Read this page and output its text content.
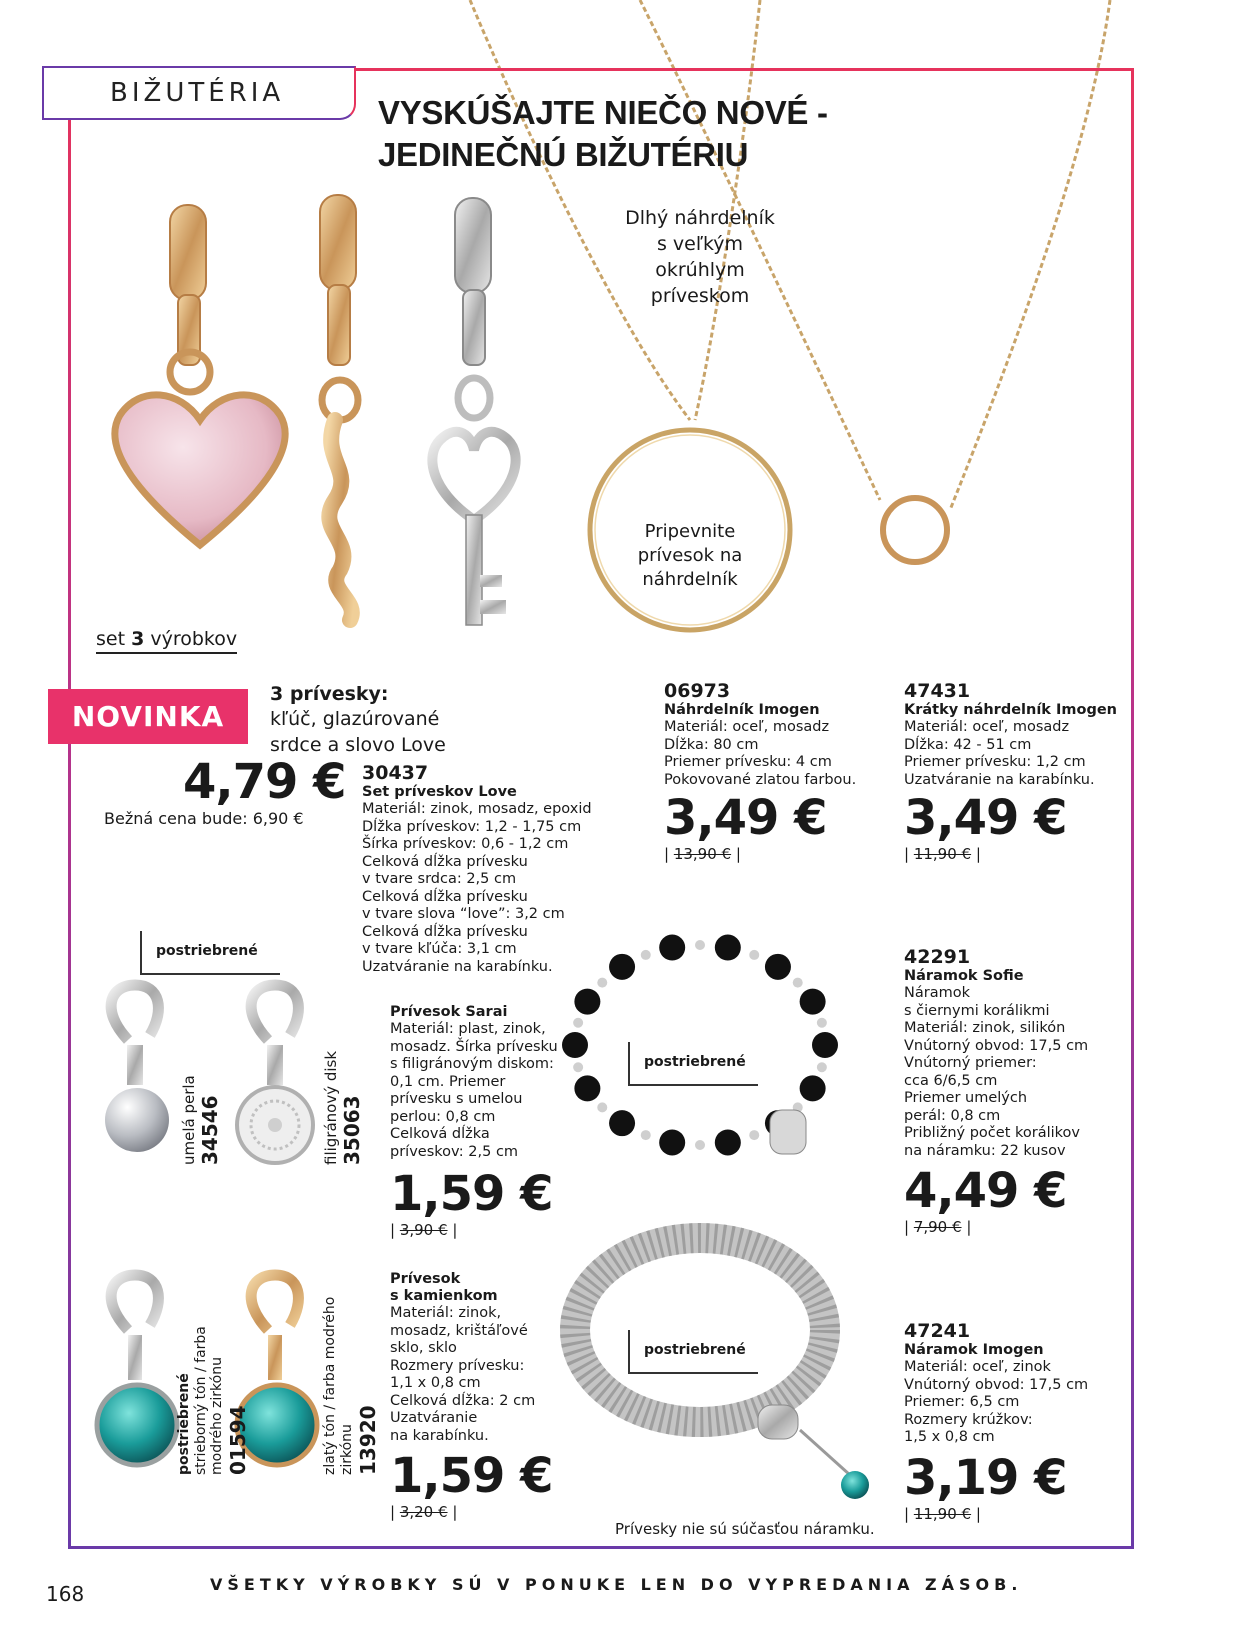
BIŽUTÉRIA
VYSKÚŠAJTE NIEČO NOVÉ -
JEDINEČNÚ BIŽUTÉRIU
Dlhý náhrdelník
s veľkým
okrúhlym
príveskom
Pripevnite
prívesok na
náhrdelník
set 3 výrobkov
NOVINKA
3 prívesky:
kľúč, glazúrované
srdce a slovo Love
4,79 €
Bežná cena bude: 6,90 €
30437
Set príveskov Love
Materiál: zinok, mosadz, epoxid
Dĺžka príveskov: 1,2 - 1,75 cm
Šírka príveskov: 0,6 - 1,2 cm
Celková dĺžka prívesku
v tvare srdca: 2,5 cm
Celková dĺžka prívesku
v tvare slova “love”: 3,2 cm
Celková dĺžka prívesku
v tvare kľúča: 3,1 cm
Uzatváranie na karabínku.
06973
Náhrdelník Imogen
Materiál: oceľ, mosadz
Dĺžka: 80 cm
Priemer prívesku: 4 cm
Pokovované zlatou farbou.
3,49 €
| 13,90 € |
47431
Krátky náhrdelník Imogen
Materiál: oceľ, mosadz
Dĺžka: 42 - 51 cm
Priemer prívesku: 1,2 cm
Uzatváranie na karabínku.
3,49 €
| 11,90 € |
postriebrené
postriebrené
postriebrené
umelá perla 34546	filigránový disk 35063
Prívesok Sarai
Materiál: plast, zinok,
mosadz. Šírka prívesku
s filigránovým diskom:
0,1 cm. Priemer
prívesku s umelou
perlou: 0,8 cm
Celková dĺžka
príveskov: 2,5 cm
1,59 €
| 3,90 € |
42291
Náramok Sofie
Náramok
s čiernymi korálikmi
Materiál: zinok, silikón
Vnútorný obvod: 17,5 cm
Vnútorný priemer:
cca 6/6,5 cm
Priemer umelých
perál: 0,8 cm
Približný počet korálikov
na náramku: 22 kusov
4,49 €
| 7,90 € |
postriebrené strieborný tón / farba modrého zirkónu 01594	zlatý tón / farba modrého zirkónu 13920
Prívesok
s kamienkom
Materiál: zinok,
mosadz, krištáľové
sklo, sklo
Rozmery prívesku:
1,1 x 0,8 cm
Celková dĺžka: 2 cm
Uzatváranie
na karabínku.
1,59 €
| 3,20 € |
47241
Náramok Imogen
Materiál: oceľ, zinok
Vnútorný obvod: 17,5 cm
Priemer: 6,5 cm
Rozmery krúžkov:
1,5 x 0,8 cm
3,19 €
| 11,90 € |
Prívesky nie sú súčasťou náramku.
168	VŠETKY VÝROBKY SÚ V PONUKE LEN DO VYPREDANIA ZÁSOB.
